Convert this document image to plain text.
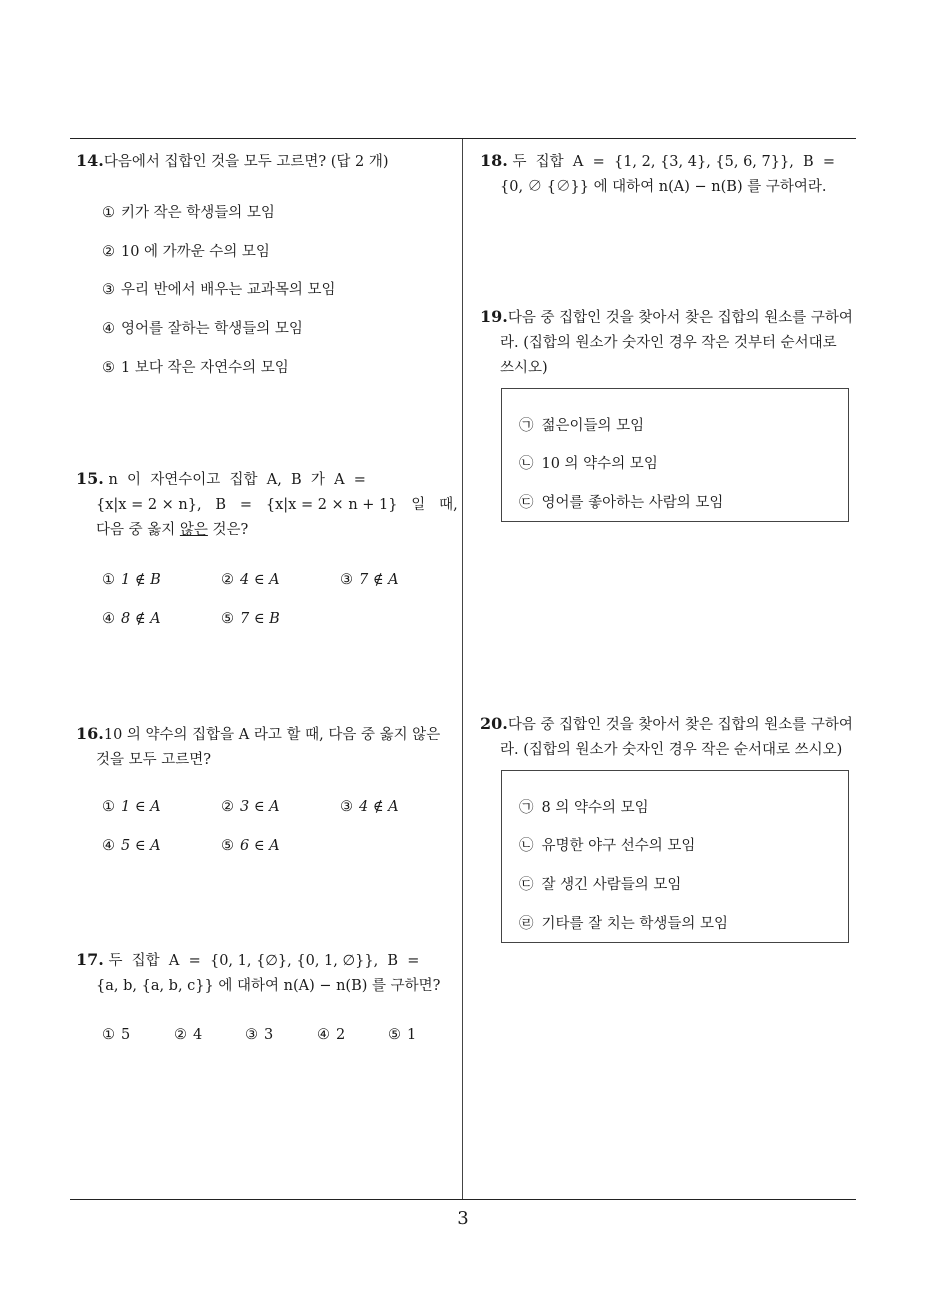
3
14.다음에서 집합인 것을 모두 고르면? (답 2 개)
① 키가 작은 학생들의 모임
② 10 에 가까운 수의 모임
③ 우리 반에서 배우는 교과목의 모임
④ 영어를 잘하는 학생들의 모임
⑤ 1 보다 작은 자연수의 모임
15. n  이  자연수이고  집합  A,  B  가  A  =
{x|x = 2 × n},   B   =   {x|x = 2 × n + 1}   일   때,
다음 중 옳지 않은 것은?
① 1 ∉ B	② 4 ∈ A	③ 7 ∉ A
④ 8 ∉ A	⑤ 7 ∈ B
16.10 의 약수의 집합을 A 라고 할 때, 다음 중 옳지 않은
것을 모두 고르면?
① 1 ∈ A	② 3 ∈ A	③ 4 ∉ A
④ 5 ∈ A	⑤ 6 ∈ A
17. 두  집합  A  =  {0, 1, {∅}, {0, 1, ∅}},  B  =
{a, b, {a, b, c}} 에 대하여 n(A) − n(B) 를 구하면?
① 5	② 4	③ 3	④ 2	⑤ 1
18. 두  집합  A  =  {1, 2, {3, 4}, {5, 6, 7}},  B  =
{0, ∅ {∅}} 에 대하여 n(A) − n(B) 를 구하여라.
19.다음 중 집합인 것을 찾아서 찾은 집합의 원소를 구하여
라. (집합의 원소가 숫자인 경우 작은 것부터 순서대로
쓰시오)
㉠ 젊은이들의 모임
㉡ 10 의 약수의 모임
㉢ 영어를 좋아하는 사람의 모임
20.다음 중 집합인 것을 찾아서 찾은 집합의 원소를 구하여
라. (집합의 원소가 숫자인 경우 작은 순서대로 쓰시오)
㉠ 8 의 약수의 모임
㉡ 유명한 야구 선수의 모임
㉢ 잘 생긴 사람들의 모임
㉣ 기타를 잘 치는 학생들의 모임
